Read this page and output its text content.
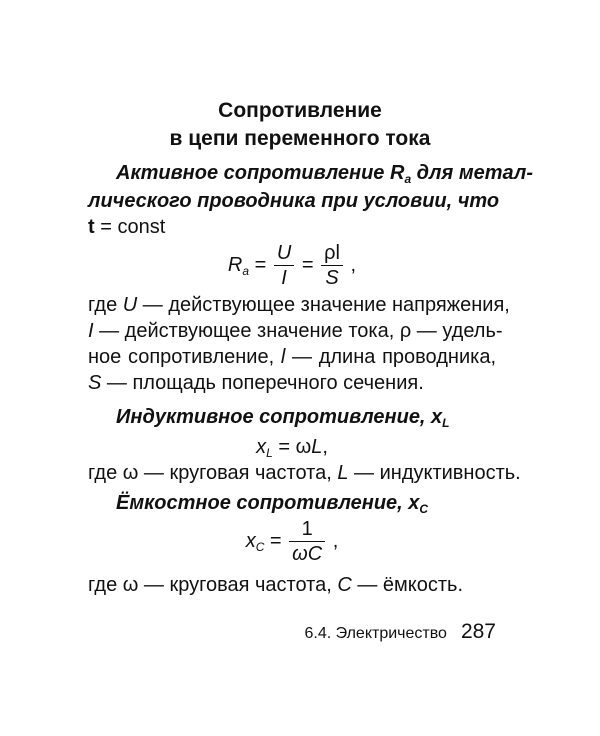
Сопротивление
в цепи переменного тока
Активное сопротивление $R_а$ для метал-
лического проводника при условии, что
t = const
$R_a = \frac{U}{I} = \frac{\rho l}{S}$ ,
где U — действующее значение напряжения,
I — действующее значение тока, ρ — удель-
ное сопротивление, l — длина проводника,
S — площадь поперечного сечения.
Индуктивное сопротивление, $x_L$
$x_L = \omega L$,
где ω — круговая частота, L — индуктивность.
Ёмкостное сопротивление, $x_C$
$x_C = \frac{1}{\omega C}$ ,
где ω — круговая частота, C — ёмкость.
6.4. Электричество 287
